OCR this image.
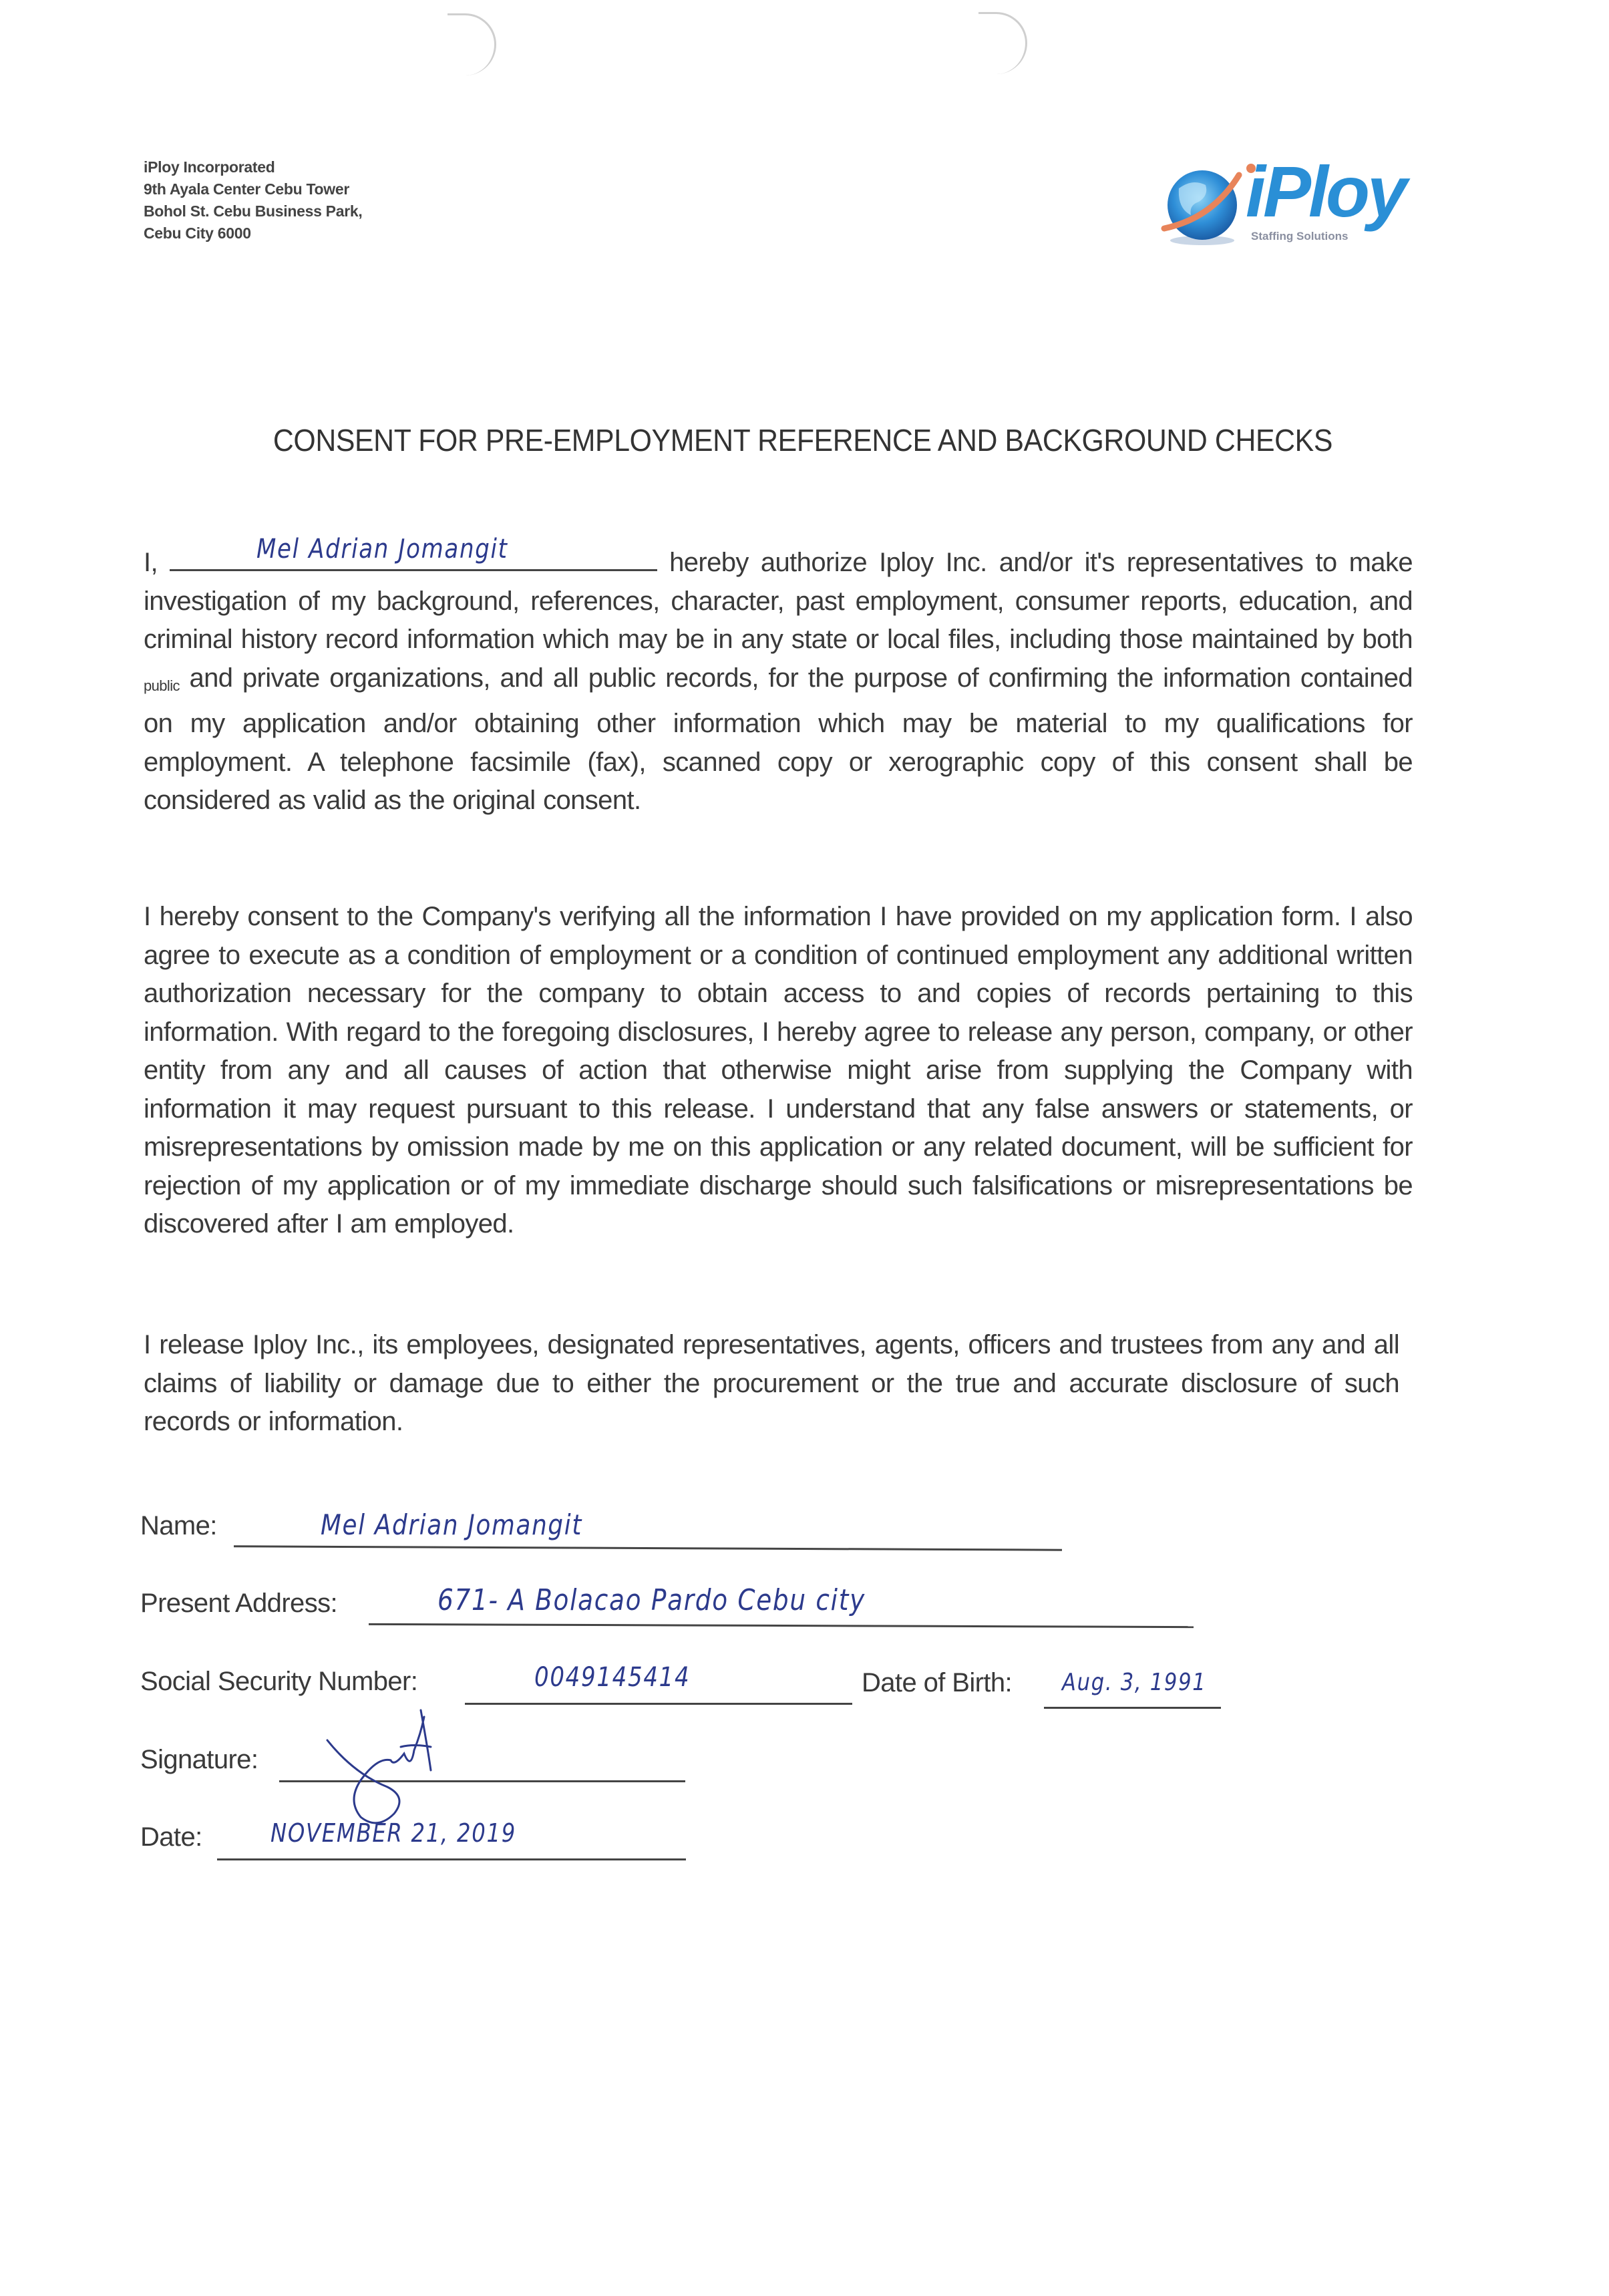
iPloy Incorporated
9th Ayala Center Cebu Tower
Bohol St. Cebu Business Park,
Cebu City 6000
iPloy
Staffing Solutions
CONSENT FOR PRE-EMPLOYMENT REFERENCE AND BACKGROUND CHECKS
I,	Mel Adrian Jomangit	hereby authorize Iploy Inc. and/or it's representatives to make investigation of my background, references, character, past employment, consumer reports, education, and criminal history record information which may be in any state or local files, including those maintained by both $_{public}$ and private organizations, and all public records, for the purpose of confirming the information contained on my application and/or obtaining other information which may be material to my qualifications for employment. A telephone facsimile (fax), scanned copy or xerographic copy of this consent shall be considered as valid as the original consent.
I hereby consent to the Company's verifying all the information I have provided on my application form. I also agree to execute as a condition of employment or a condition of continued employment any additional written authorization necessary for the company to obtain access to and copies of records pertaining to this information. With regard to the foregoing disclosures, I hereby agree to release any person, company, or other entity from any and all causes of action that otherwise might arise from supplying the Company with information it may request pursuant to this release. I understand that any false answers or statements, or misrepresentations by omission made by me on this application or any related document, will be sufficient for rejection of my application or of my immediate discharge should such falsifications or misrepresentations be discovered after I am employed.
I release Iploy Inc., its employees, designated representatives, agents, officers and trustees from any and all claims of liability or damage due to either the procurement or the true and accurate disclosure of such records or information.
Name:	Mel Adrian Jomangit
Present Address:	671- A Bolacao Pardo Cebu city
Social Security Number:	0049145414	Date of Birth: Aug. 3, 1991
Signature:
Date:	NOVEMBER 21, 2019
